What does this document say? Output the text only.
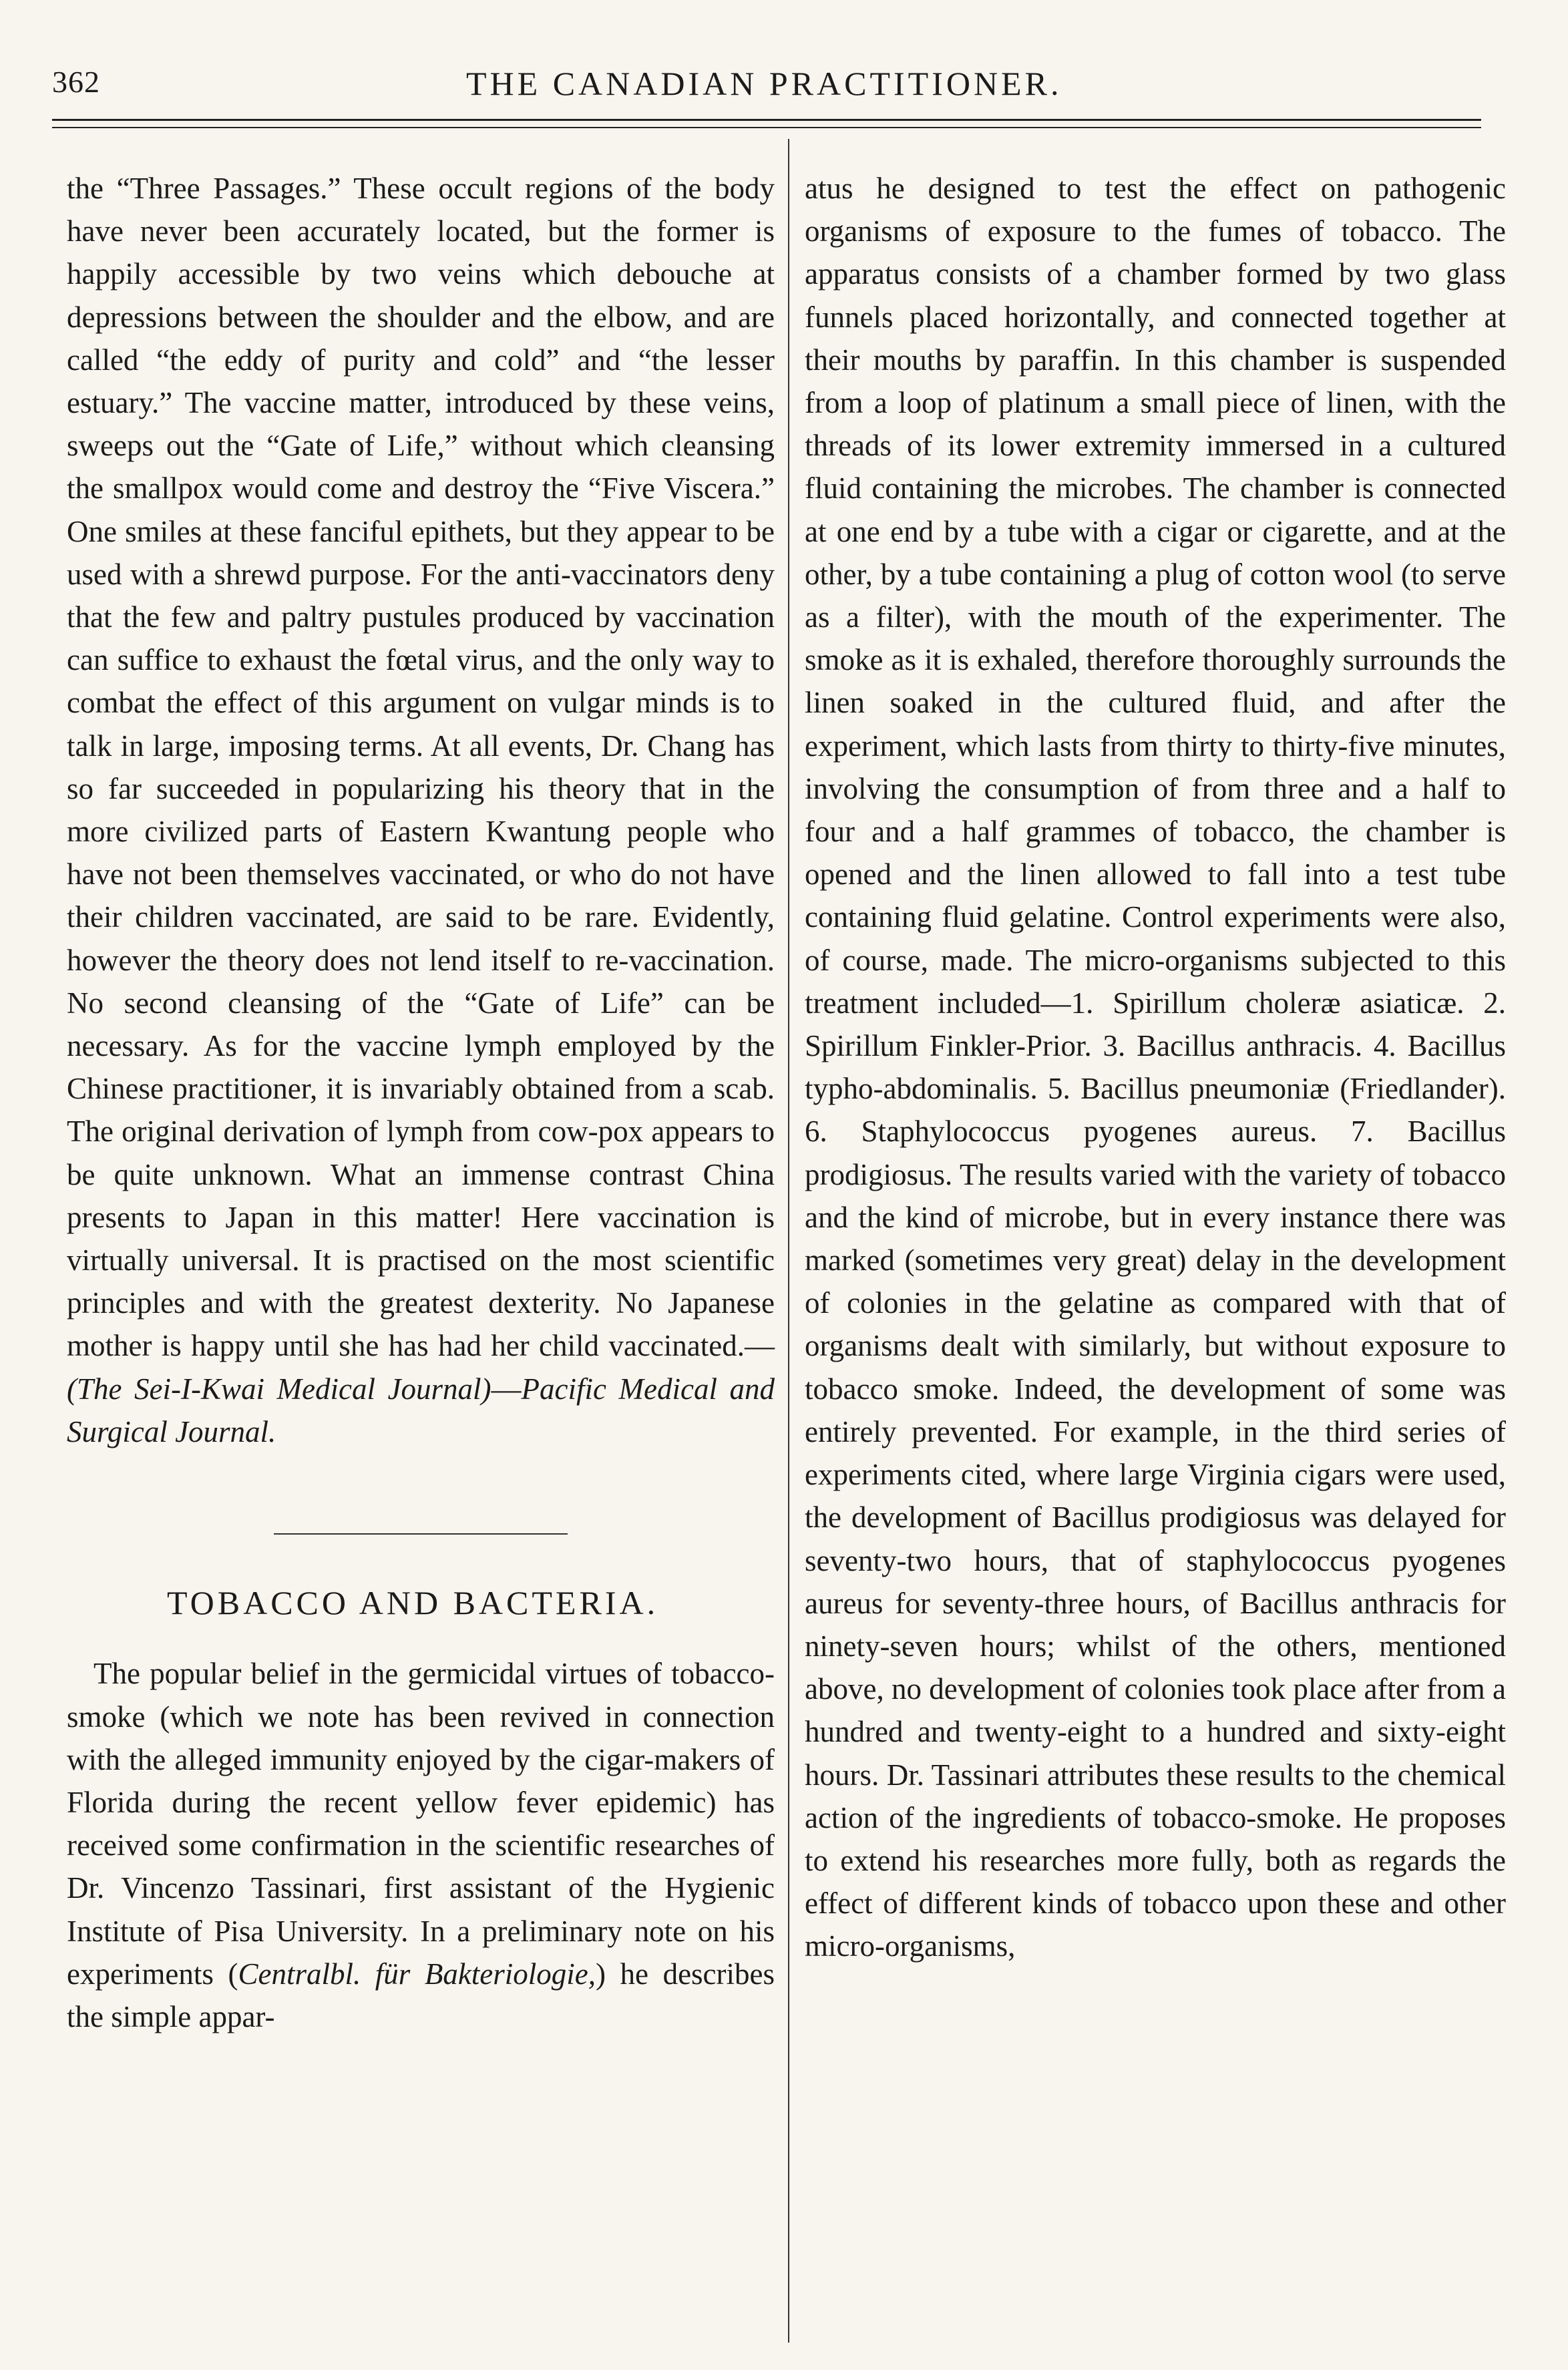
362	THE CANADIAN PRACTITIONER.

the “Three Passages.” These occult regions of the body have never been accurately located, but the former is happily accessible by two veins which debouche at depressions between the shoulder and the elbow, and are called “the eddy of purity and cold” and “the lesser estuary.” The vaccine matter, introduced by these veins, sweeps out the “Gate of Life,” without which cleansing the smallpox would come and destroy the “Five Viscera.” One smiles at these fanciful epithets, but they appear to be used with a shrewd purpose. For the anti-vaccinators deny that the few and paltry pustules produced by vaccination can suffice to exhaust the fœtal virus, and the only way to combat the effect of this argument on vulgar minds is to talk in large, imposing terms. At all events, Dr. Chang has so far succeeded in popularizing his theory that in the more civilized parts of Eastern Kwantung people who have not been themselves vaccinated, or who do not have their children vaccinated, are said to be rare. Evidently, however the theory does not lend itself to re-vaccination. No second cleansing of the “Gate of Life” can be necessary. As for the vaccine lymph employed by the Chinese practitioner, it is invariably obtained from a scab. The original derivation of lymph from cow-pox appears to be quite unknown. What an immense contrast China presents to Japan in this matter! Here vaccination is virtually universal. It is practised on the most scientific principles and with the greatest dexterity. No Japanese mother is happy until she has had her child vaccinated.—(The Sei-I-Kwai Medical Journal)—Pacific Medical and Surgical Journal.

TOBACCO AND BACTERIA.

The popular belief in the germicidal virtues of tobacco-smoke (which we note has been revived in connection with the alleged immunity enjoyed by the cigar-makers of Florida during the recent yellow fever epidemic) has received some confirmation in the scientific researches of Dr. Vincenzo Tassinari, first assistant of the Hygienic Institute of Pisa University. In a preliminary note on his experiments (Centralbl. für Bakteriologie,) he describes the simple appar-

atus he designed to test the effect on pathogenic organisms of exposure to the fumes of tobacco. The apparatus consists of a chamber formed by two glass funnels placed horizontally, and connected together at their mouths by paraffin. In this chamber is suspended from a loop of platinum a small piece of linen, with the threads of its lower extremity immersed in a cultured fluid containing the microbes. The chamber is connected at one end by a tube with a cigar or cigarette, and at the other, by a tube containing a plug of cotton wool (to serve as a filter), with the mouth of the experimenter. The smoke as it is exhaled, therefore thoroughly surrounds the linen soaked in the cultured fluid, and after the experiment, which lasts from thirty to thirty-five minutes, involving the consumption of from three and a half to four and a half grammes of tobacco, the chamber is opened and the linen allowed to fall into a test tube containing fluid gelatine. Control experiments were also, of course, made. The micro-organisms subjected to this treatment included—1. Spirillum choleræ asiaticæ. 2. Spirillum Finkler-Prior. 3. Bacillus anthracis. 4. Bacillus typho-abdominalis. 5. Bacillus pneumoniæ (Friedlander). 6. Staphylococcus pyogenes aureus. 7. Bacillus prodigiosus. The results varied with the variety of tobacco and the kind of microbe, but in every instance there was marked (sometimes very great) delay in the development of colonies in the gelatine as compared with that of organisms dealt with similarly, but without exposure to tobacco smoke. Indeed, the development of some was entirely prevented. For example, in the third series of experiments cited, where large Virginia cigars were used, the development of Bacillus prodigiosus was delayed for seventy-two hours, that of staphylococcus pyogenes aureus for seventy-three hours, of Bacillus anthracis for ninety-seven hours; whilst of the others, mentioned above, no development of colonies took place after from a hundred and twenty-eight to a hundred and sixty-eight hours. Dr. Tassinari attributes these results to the chemical action of the ingredients of tobacco-smoke. He proposes to extend his researches more fully, both as regards the effect of different kinds of tobacco upon these and other micro-organisms,
